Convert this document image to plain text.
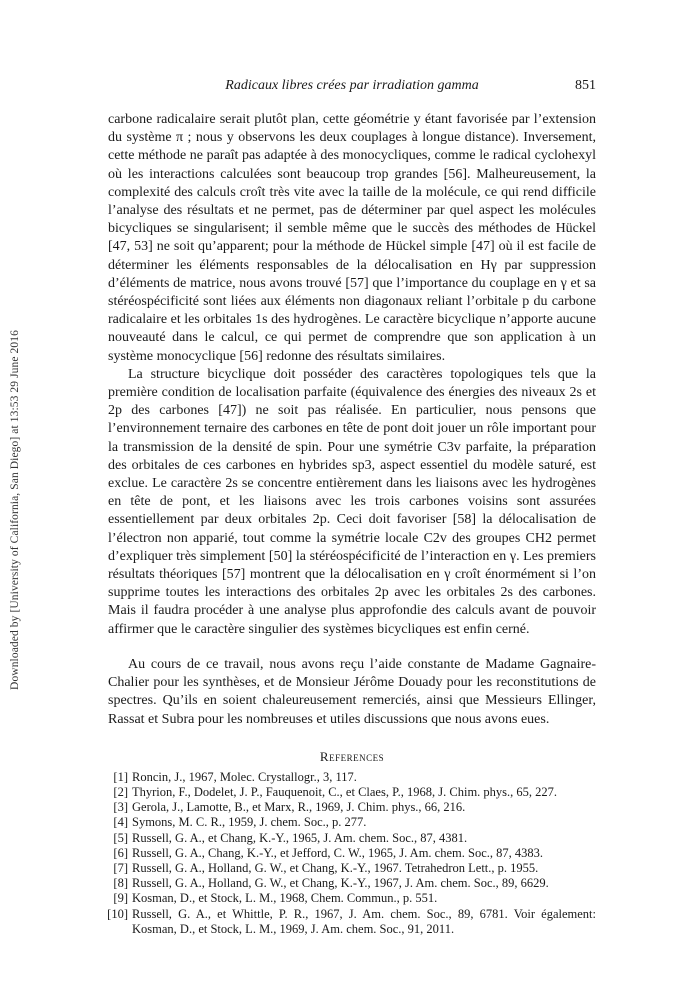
Downloaded by [University of California, San Diego] at 13:53 29 June 2016
Radicaux libres crées par irradiation gamma	851

carbone radicalaire serait plutôt plan, cette géométrie y étant favorisée par l’extension du système π ; nous y observons les deux couplages à longue distance). Inversement, cette méthode ne paraît pas adaptée à des monocycliques, comme le radical cyclohexyl où les interactions calculées sont beaucoup trop grandes [56]. Malheureusement, la complexité des calculs croît très vite avec la taille de la molécule, ce qui rend difficile l’analyse des résultats et ne permet, pas de déterminer par quel aspect les molécules bicycliques se singularisent; il semble même que le succès des méthodes de Hückel [47, 53] ne soit qu’apparent; pour la méthode de Hückel simple [47] où il est facile de déterminer les éléments responsables de la délocalisation en Hγ par suppression d’éléments de matrice, nous avons trouvé [57] que l’importance du couplage en γ et sa stéréospécificité sont liées aux éléments non diagonaux reliant l’orbitale p du carbone radicalaire et les orbitales 1s des hydrogènes. Le caractère bicyclique n’apporte aucune nouveauté dans le calcul, ce qui permet de comprendre que son application à un système monocyclique [56] redonne des résultats similaires.

La structure bicyclique doit posséder des caractères topologiques tels que la première condition de localisation parfaite (équivalence des énergies des niveaux 2s et 2p des carbones [47]) ne soit pas réalisée. En particulier, nous pensons que l’environnement ternaire des carbones en tête de pont doit jouer un rôle important pour la transmission de la densité de spin. Pour une symétrie C3v parfaite, la préparation des orbitales de ces carbones en hybrides sp3, aspect essentiel du modèle saturé, est exclue. Le caractère 2s se concentre entièrement dans les liaisons avec les hydrogènes en tête de pont, et les liaisons avec les trois carbones voisins sont assurées essentiellement par deux orbitales 2p. Ceci doit favoriser [58] la délocalisation de l’électron non apparié, tout comme la symétrie locale C2v des groupes CH2 permet d’expliquer très simplement [50] la stéréospécificité de l’interaction en γ. Les premiers résultats théoriques [57] montrent que la délocalisation en γ croît énormément si l’on supprime toutes les interactions des orbitales 2p avec les orbitales 2s des carbones. Mais il faudra procéder à une analyse plus approfondie des calculs avant de pouvoir affirmer que le caractère singulier des systèmes bicycliques est enfin cerné.

Au cours de ce travail, nous avons reçu l’aide constante de Madame Gagnaire-Chalier pour les synthèses, et de Monsieur Jérôme Douady pour les reconstitutions de spectres. Qu’ils en soient chaleureusement remerciés, ainsi que Messieurs Ellinger, Rassat et Subra pour les nombreuses et utiles discussions que nous avons eues.

References
[1] Roncin, J., 1967, Molec. Crystallogr., 3, 117.
[2] Thyrion, F., Dodelet, J. P., Fauquenoit, C., et Claes, P., 1968, J. Chim. phys., 65, 227.
[3] Gerola, J., Lamotte, B., et Marx, R., 1969, J. Chim. phys., 66, 216.
[4] Symons, M. C. R., 1959, J. chem. Soc., p. 277.
[5] Russell, G. A., et Chang, K.-Y., 1965, J. Am. chem. Soc., 87, 4381.
[6] Russell, G. A., Chang, K.-Y., et Jefford, C. W., 1965, J. Am. chem. Soc., 87, 4383.
[7] Russell, G. A., Holland, G. W., et Chang, K.-Y., 1967. Tetrahedron Lett., p. 1955.
[8] Russell, G. A., Holland, G. W., et Chang, K.-Y., 1967, J. Am. chem. Soc., 89, 6629.
[9] Kosman, D., et Stock, L. M., 1968, Chem. Commun., p. 551.
[10] Russell, G. A., et Whittle, P. R., 1967, J. Am. chem. Soc., 89, 6781. Voir également: Kosman, D., et Stock, L. M., 1969, J. Am. chem. Soc., 91, 2011.
